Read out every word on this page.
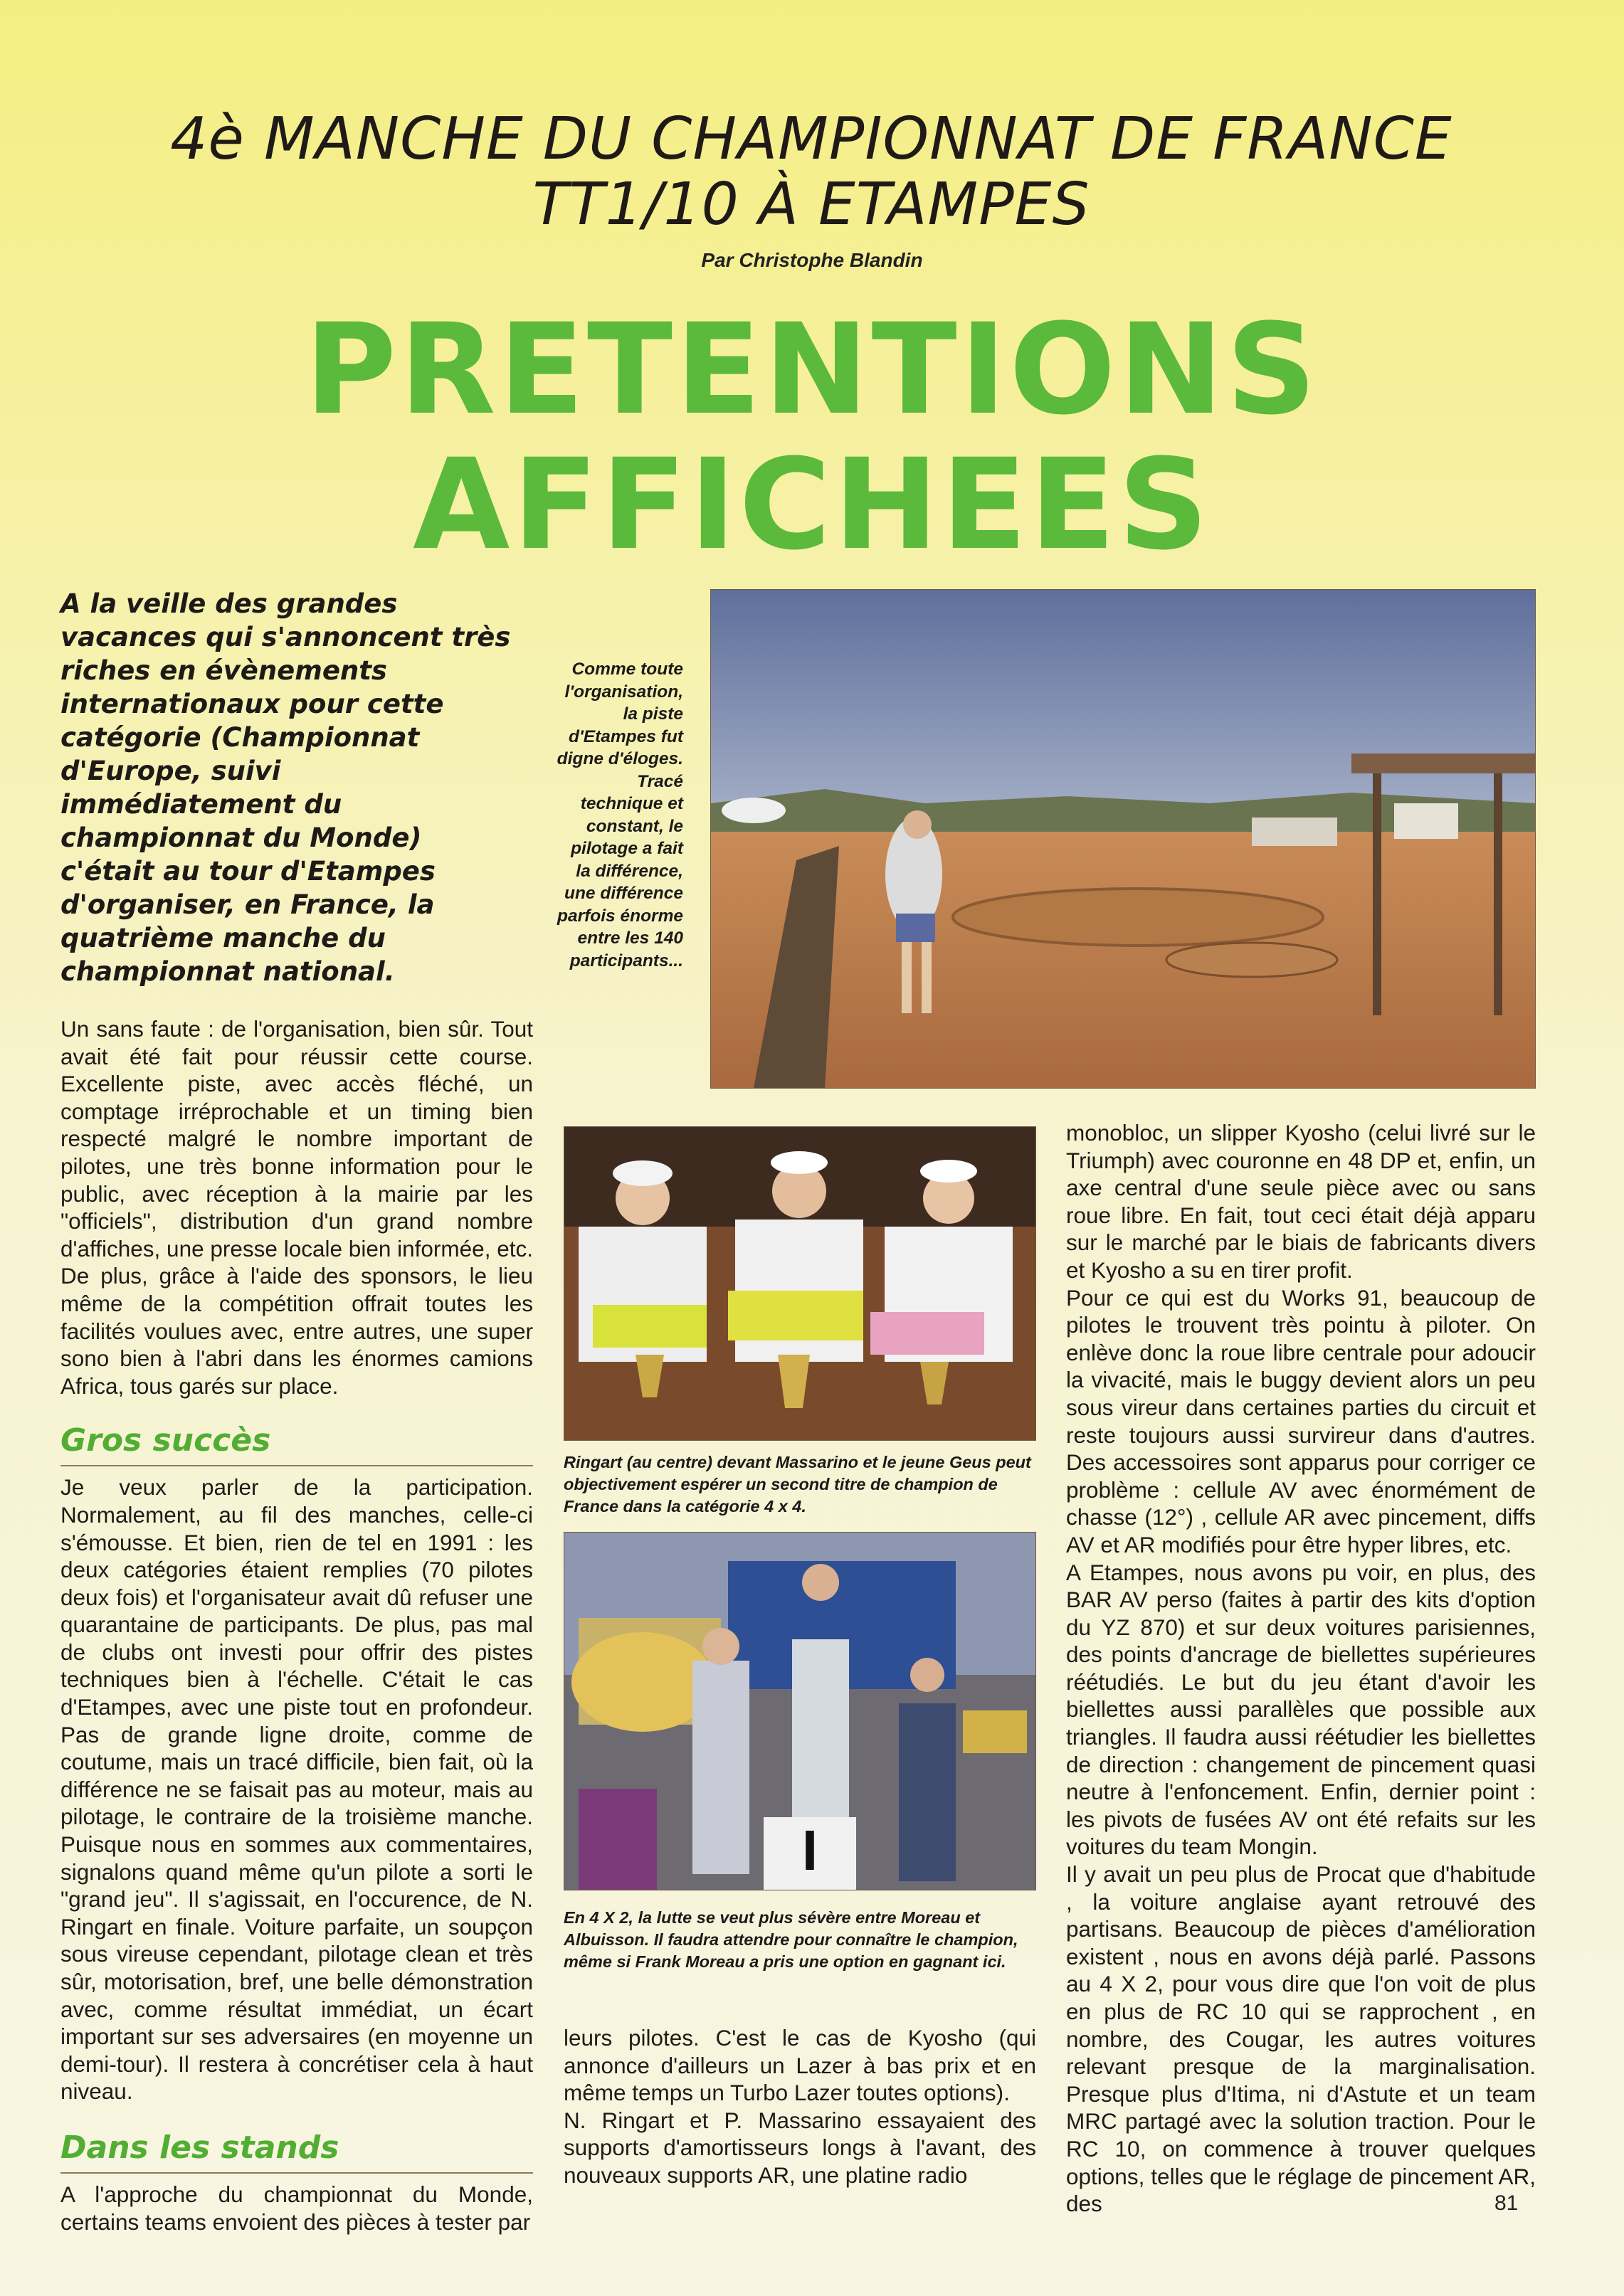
4è MANCHE DU CHAMPIONNAT DE FRANCE
TT1/10 À ETAMPES
Par Christophe Blandin
PRETENTIONS
AFFICHEES
A la veille des grandes vacances qui s'annoncent très riches en évènements internationaux pour cette catégorie (Championnat d'Europe, suivi immédiatement du championnat du Monde) c'était au tour d'Etampes d'organiser, en France, la quatrième manche du championnat national.
Comme toute l'organisation, la piste d'Etampes fut digne d'éloges. Tracé technique et constant, le pilotage a fait la différence, une différence parfois énorme entre les 140 participants...
Ringart (au centre) devant Massarino et le jeune Geus peut objectivement espérer un second titre de champion de France dans la catégorie 4 x 4.
I
En 4 X 2, la lutte se veut plus sévère entre Moreau et Albuisson. Il faudra attendre pour connaître le champion, même si Frank Moreau a pris une option en gagnant ici.

Un sans faute : de l'organisation, bien sûr. Tout avait été fait pour réussir cette course. Excellente piste, avec accès fléché, un comptage irréprochable et un timing bien respecté malgré le nombre important de pilotes, une très bonne information pour le public, avec réception à la mairie par les "officiels", distribution d'un grand nombre d'affiches, une presse locale bien informée, etc. De plus, grâce à l'aide des sponsors, le lieu même de la compétition offrait toutes les facilités voulues avec, entre autres, une super sono bien à l'abri dans les énormes camions Africa, tous garés sur place.

Gros succès

Je veux parler de la participation. Normalement, au fil des manches, celle-ci s'émousse. Et bien, rien de tel en 1991 : les deux catégories étaient remplies (70 pilotes deux fois) et l'organisateur avait dû refuser une quarantaine de participants. De plus, pas mal de clubs ont investi pour offrir des pistes techniques bien à l'échelle. C'était le cas d'Etampes, avec une piste tout en profondeur. Pas de grande ligne droite, comme de coutume, mais un tracé difficile, bien fait, où la différence ne se faisait pas au moteur, mais au pilotage, le contraire de la troisième manche. Puisque nous en sommes aux commentaires, signalons quand même qu'un pilote a sorti le "grand jeu". Il s'agissait, en l'occurence, de N. Ringart en finale. Voiture parfaite, un soupçon sous vireuse cependant, pilotage clean et très sûr, motorisation, bref, une belle démonstration avec, comme résultat immédiat, un écart important sur ses adversaires (en moyenne un demi-tour). Il restera à concrétiser cela à haut niveau.

Dans les stands

A l'approche du championnat du Monde, certains teams envoient des pièces à tester par

leurs pilotes. C'est le cas de Kyosho (qui annonce d'ailleurs un Lazer à bas prix et en même temps un Turbo Lazer toutes options).

N. Ringart et P. Massarino essayaient des supports d'amortisseurs longs à l'avant, des nouveaux supports AR, une platine radio

monobloc, un slipper Kyosho (celui livré sur le Triumph) avec couronne en 48 DP et, enfin, un axe central d'une seule pièce avec ou sans roue libre. En fait, tout ceci était déjà apparu sur le marché par le biais de fabricants divers et Kyosho a su en tirer profit.

Pour ce qui est du Works 91, beaucoup de pilotes le trouvent très pointu à piloter. On enlève donc la roue libre centrale pour adoucir la vivacité, mais le buggy devient alors un peu sous vireur dans certaines parties du circuit et reste toujours aussi survireur dans d'autres. Des accessoires sont apparus pour corriger ce problème : cellule AV avec énormément de chasse (12°) , cellule AR avec pincement, diffs AV et AR modifiés pour être hyper libres, etc.

A Etampes, nous avons pu voir, en plus, des BAR AV perso (faites à partir des kits d'option du YZ 870) et sur deux voitures parisiennes, des points d'ancrage de biellettes supérieures réétudiés. Le but du jeu étant d'avoir les biellettes aussi parallèles que possible aux triangles. Il faudra aussi réétudier les biellettes de direction : changement de pincement quasi neutre à l'enfoncement. Enfin, dernier point : les pivots de fusées AV ont été refaits sur les voitures du team Mongin.

Il y avait un peu plus de Procat que d'habitude , la voiture anglaise ayant retrouvé des partisans. Beaucoup de pièces d'amélioration existent , nous en avons déjà parlé. Passons au 4 X 2, pour vous dire que l'on voit de plus en plus de RC 10 qui se rapprochent , en nombre, des Cougar, les autres voitures relevant presque de la marginalisation. Presque plus d'Itima, ni d'Astute et un team MRC partagé avec la solution traction. Pour le RC 10, on commence à trouver quelques options, telles que le réglage de pincement AR, des	81
